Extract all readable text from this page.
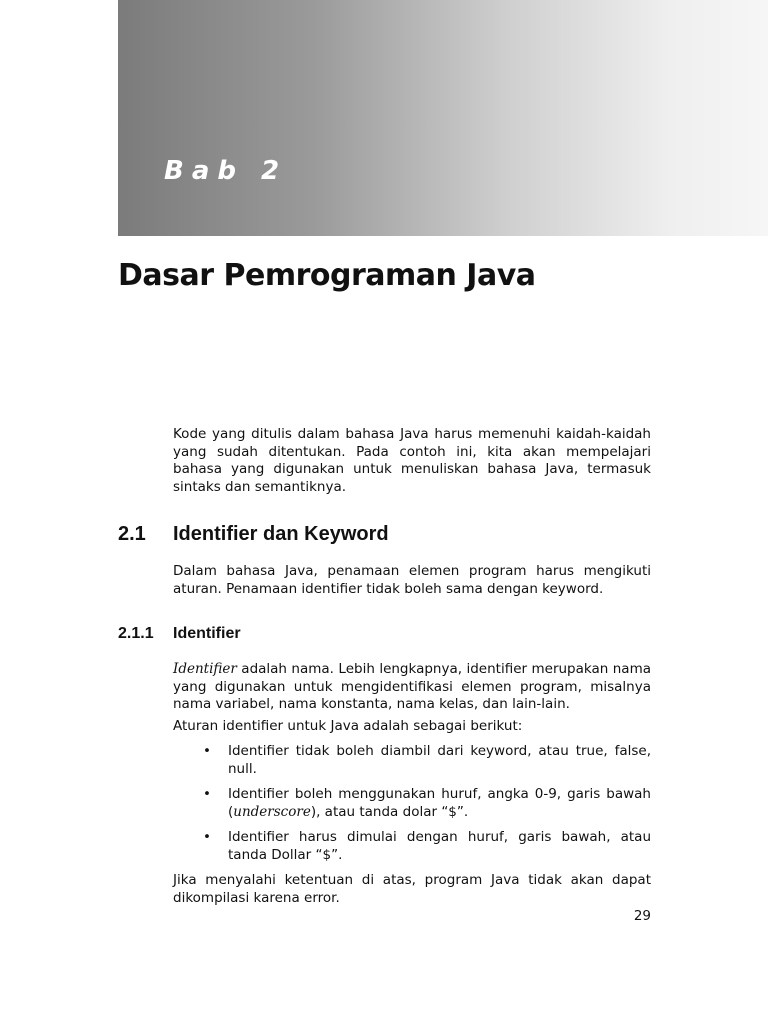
Bab 2
Dasar Pemrograman Java

Kode yang ditulis dalam bahasa Java harus memenuhi kaidah-kaidah yang sudah ditentukan. Pada contoh ini, kita akan mempelajari bahasa yang digunakan untuk menuliskan bahasa Java, termasuk sintaks dan semantiknya.

2.1 Identifier dan Keyword

Dalam bahasa Java, penamaan elemen program harus mengikuti aturan. Penamaan identifier tidak boleh sama dengan keyword.

2.1.1 Identifier

Identifier adalah nama. Lebih lengkapnya, identifier merupakan nama yang digunakan untuk mengidentifikasi elemen program, misalnya nama variabel, nama konstanta, nama kelas, dan lain-lain.

Aturan identifier untuk Java adalah sebagai berikut:

• Identifier tidak boleh diambil dari keyword, atau true, false, null.
• Identifier boleh menggunakan huruf, angka 0-9, garis bawah (underscore), atau tanda dolar “$”.
• Identifier harus dimulai dengan huruf, garis bawah, atau tanda Dollar “$”.

Jika menyalahi ketentuan di atas, program Java tidak akan dapat dikompilasi karena error.

29
